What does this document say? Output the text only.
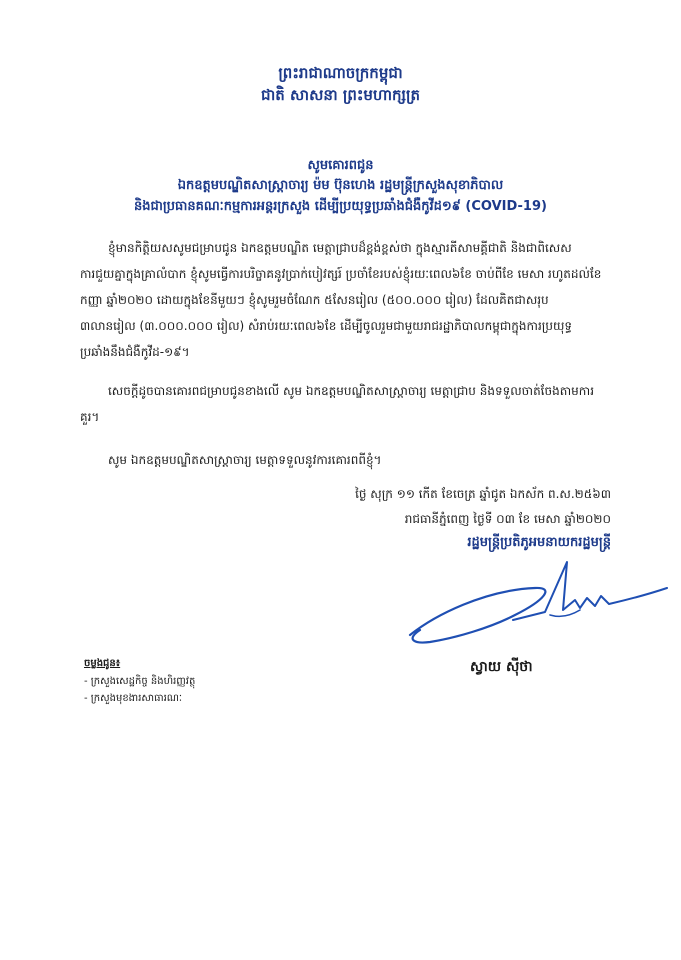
ព្រះរាជាណាចក្រកម្ពុជា
ជាតិ សាសនា ព្រះមហាក្សត្រ
សូមគោរពជូន
ឯកឧត្តមបណ្ឌិតសាស្ត្រាចារ្យ ម៉ម ប៊ុនហេង រដ្ឋមន្ត្រីក្រសួងសុខាភិបាល
និងជាប្រធានគណៈកម្មការអន្តរក្រសួង ដើម្បីប្រយុទ្ធប្រឆាំងជំងឺកូវីដ១៩ (COVID-19)
ខ្ញុំមានកិត្តិយសសូមជម្រាបជូន ឯកឧត្តមបណ្ឌិត មេត្តាជ្រាបដ៏ខ្ពង់ខ្ពស់ថា ក្នុងស្មារតីសាមគ្គីជាតិ និងជាពិសេសការជួយគ្នាក្នុងគ្រាលំបាក ខ្ញុំសូមធ្វើការបរិច្ចាគនូវប្រាក់បៀវត្សរ៍ ប្រចាំខែរបស់ខ្ញុំរយៈពេល៦ខែ ចាប់ពីខែ មេសា រហូតដល់ខែ កញ្ញា ឆ្នាំ២០២០ ដោយក្នុងខែនីមួយៗ ខ្ញុំសូមរួមចំណែក ៥សែនរៀល (៥០០.០០០ រៀល) ដែលគិតជាសរុប ៣លានរៀល (៣.០០០.០០០ រៀល) សំរាប់រយៈពេល៦ខែ ដើម្បីចូលរួមជាមួយរាជរដ្ឋាភិបាលកម្ពុជាក្នុងការប្រយុទ្ធប្រឆាំងនឹងជំងឺកូវីដ-១៩។
សេចក្តីដូចបានគោរពជម្រាបជូនខាងលើ សូម ឯកឧត្តមបណ្ឌិតសាស្ត្រាចារ្យ មេត្តាជ្រាប និងទទួលចាត់ចែងតាមការគួរ។
សូម ឯកឧត្តមបណ្ឌិតសាស្ត្រាចារ្យ មេត្តាទទួលនូវការគោរពពីខ្ញុំ។
ថ្ងៃ សុក្រ ១១ កើត ខែចេត្រ ឆ្នាំជូត ឯកស័ក ព.ស.២៥៦៣
រាជធានីភ្នំពេញ ថ្ងៃទី ០៣ ខែ មេសា ឆ្នាំ២០២០
រដ្ឋមន្ត្រីប្រតិភូអមនាយករដ្ឋមន្ត្រី
ស្វាយ ស៊ីថា
ចម្លងជូន៖
- ក្រសួងសេដ្ឋកិច្ច និងហិរញ្ញវត្ថុ
- ក្រសួងមុខងារសាធារណៈ
